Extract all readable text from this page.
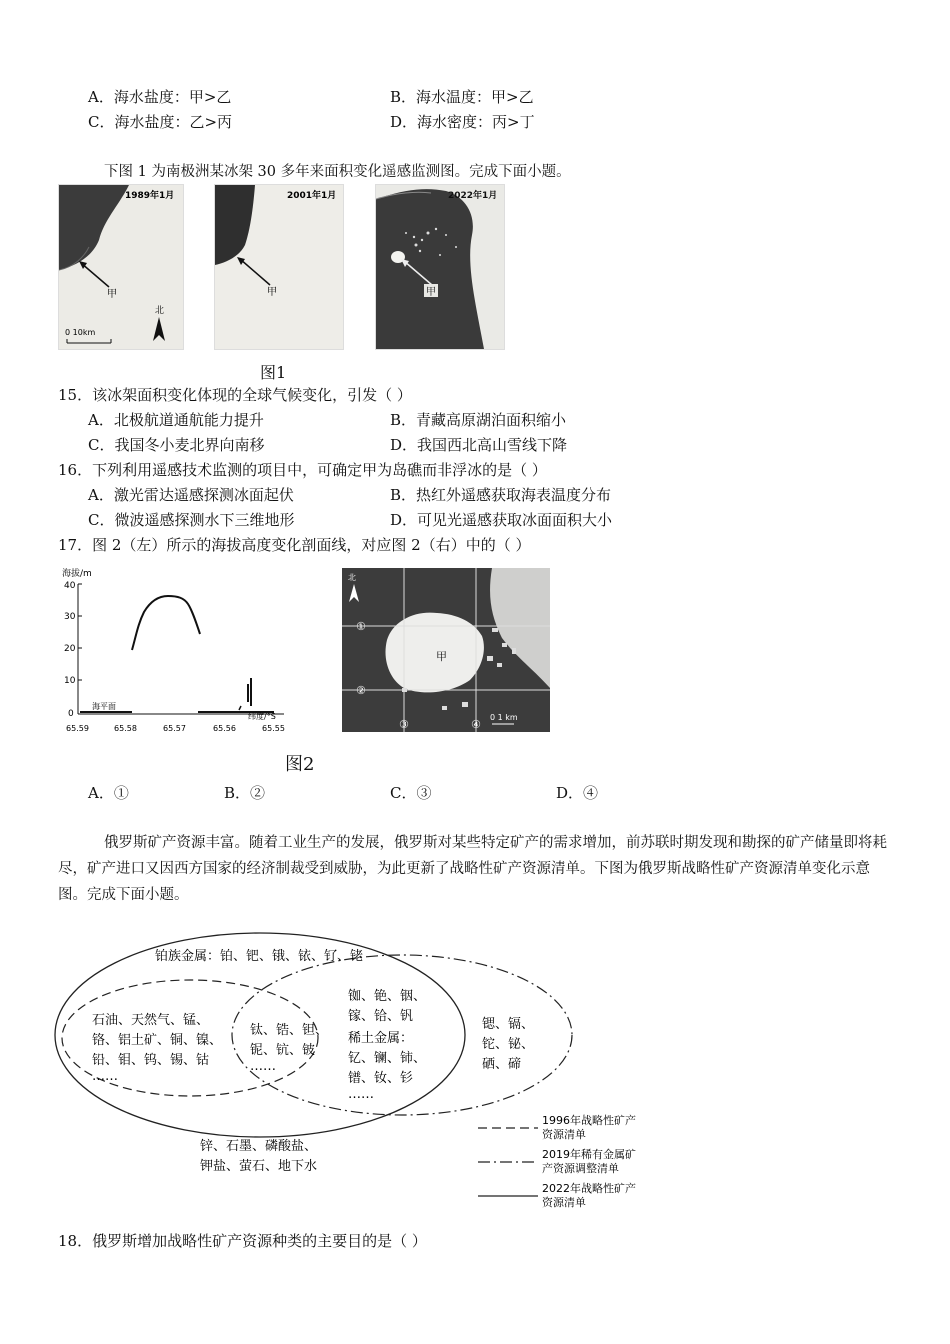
A．海水盐度：甲>乙	B．海水温度：甲>乙
C．海水盐度：乙>丙	D．海水密度：丙>丁
下图 1 为南极洲某冰架 30 多年来面积变化遥感监测图。完成下面小题。
甲
1989年1月
北
0 10km
甲
2001年1月
甲
2022年1月
图1
15．该冰架面积变化体现的全球气候变化，引发（ ）
A．北极航道通航能力提升	B．青藏高原湖泊面积缩小
C．我国冬小麦北界向南移	D．我国西北高山雪线下降
16．下列利用遥感技术监测的项目中，可确定甲为岛礁而非浮冰的是（ ）
A．激光雷达遥感探测冰面起伏	B．热红外遥感获取海表温度分布
C．微波遥感探测水下三维地形	D．可见光遥感获取冰面面积大小
17．图 2（左）所示的海拔高度变化剖面线，对应图 2（右）中的（ ）
海拔/m
40
30
20
10
0
海平面
65.59	65.58	65.57	65.56	65.55
纬度/°S
①
②
③	④
甲
北
0 1 km
图2
A．①	B．②	C．③	D．④
俄罗斯矿产资源丰富。随着工业生产的发展，俄罗斯对某些特定矿产的需求增加，前苏联时期发现和勘探的矿产储量即将耗尽，矿产进口又因西方国家的经济制裁受到威胁，为此更新了战略性矿产资源清单。下图为俄罗斯战略性矿产资源清单变化示意图。完成下面小题。
铂族金属：铂、钯、锇、铱、钌、铑
石油、天然气、锰、
铬、铝土矿、铜、镍、
铅、钼、钨、锡、钴
……
钛、锆、钽、
铌、钪、铍
……
铷、铯、铟、
镓、铪、钒
稀土金属：
钇、镧、铈、
镨、钕、钐
……
锶、镉、
铊、铋、
硒、碲
锌、石墨、磷酸盐、
钾盐、萤石、地下水
1996年战略性矿产
资源清单
2019年稀有金属矿
产资源调整清单
2022年战略性矿产
资源清单
18．俄罗斯增加战略性矿产资源种类的主要目的是（ ）
